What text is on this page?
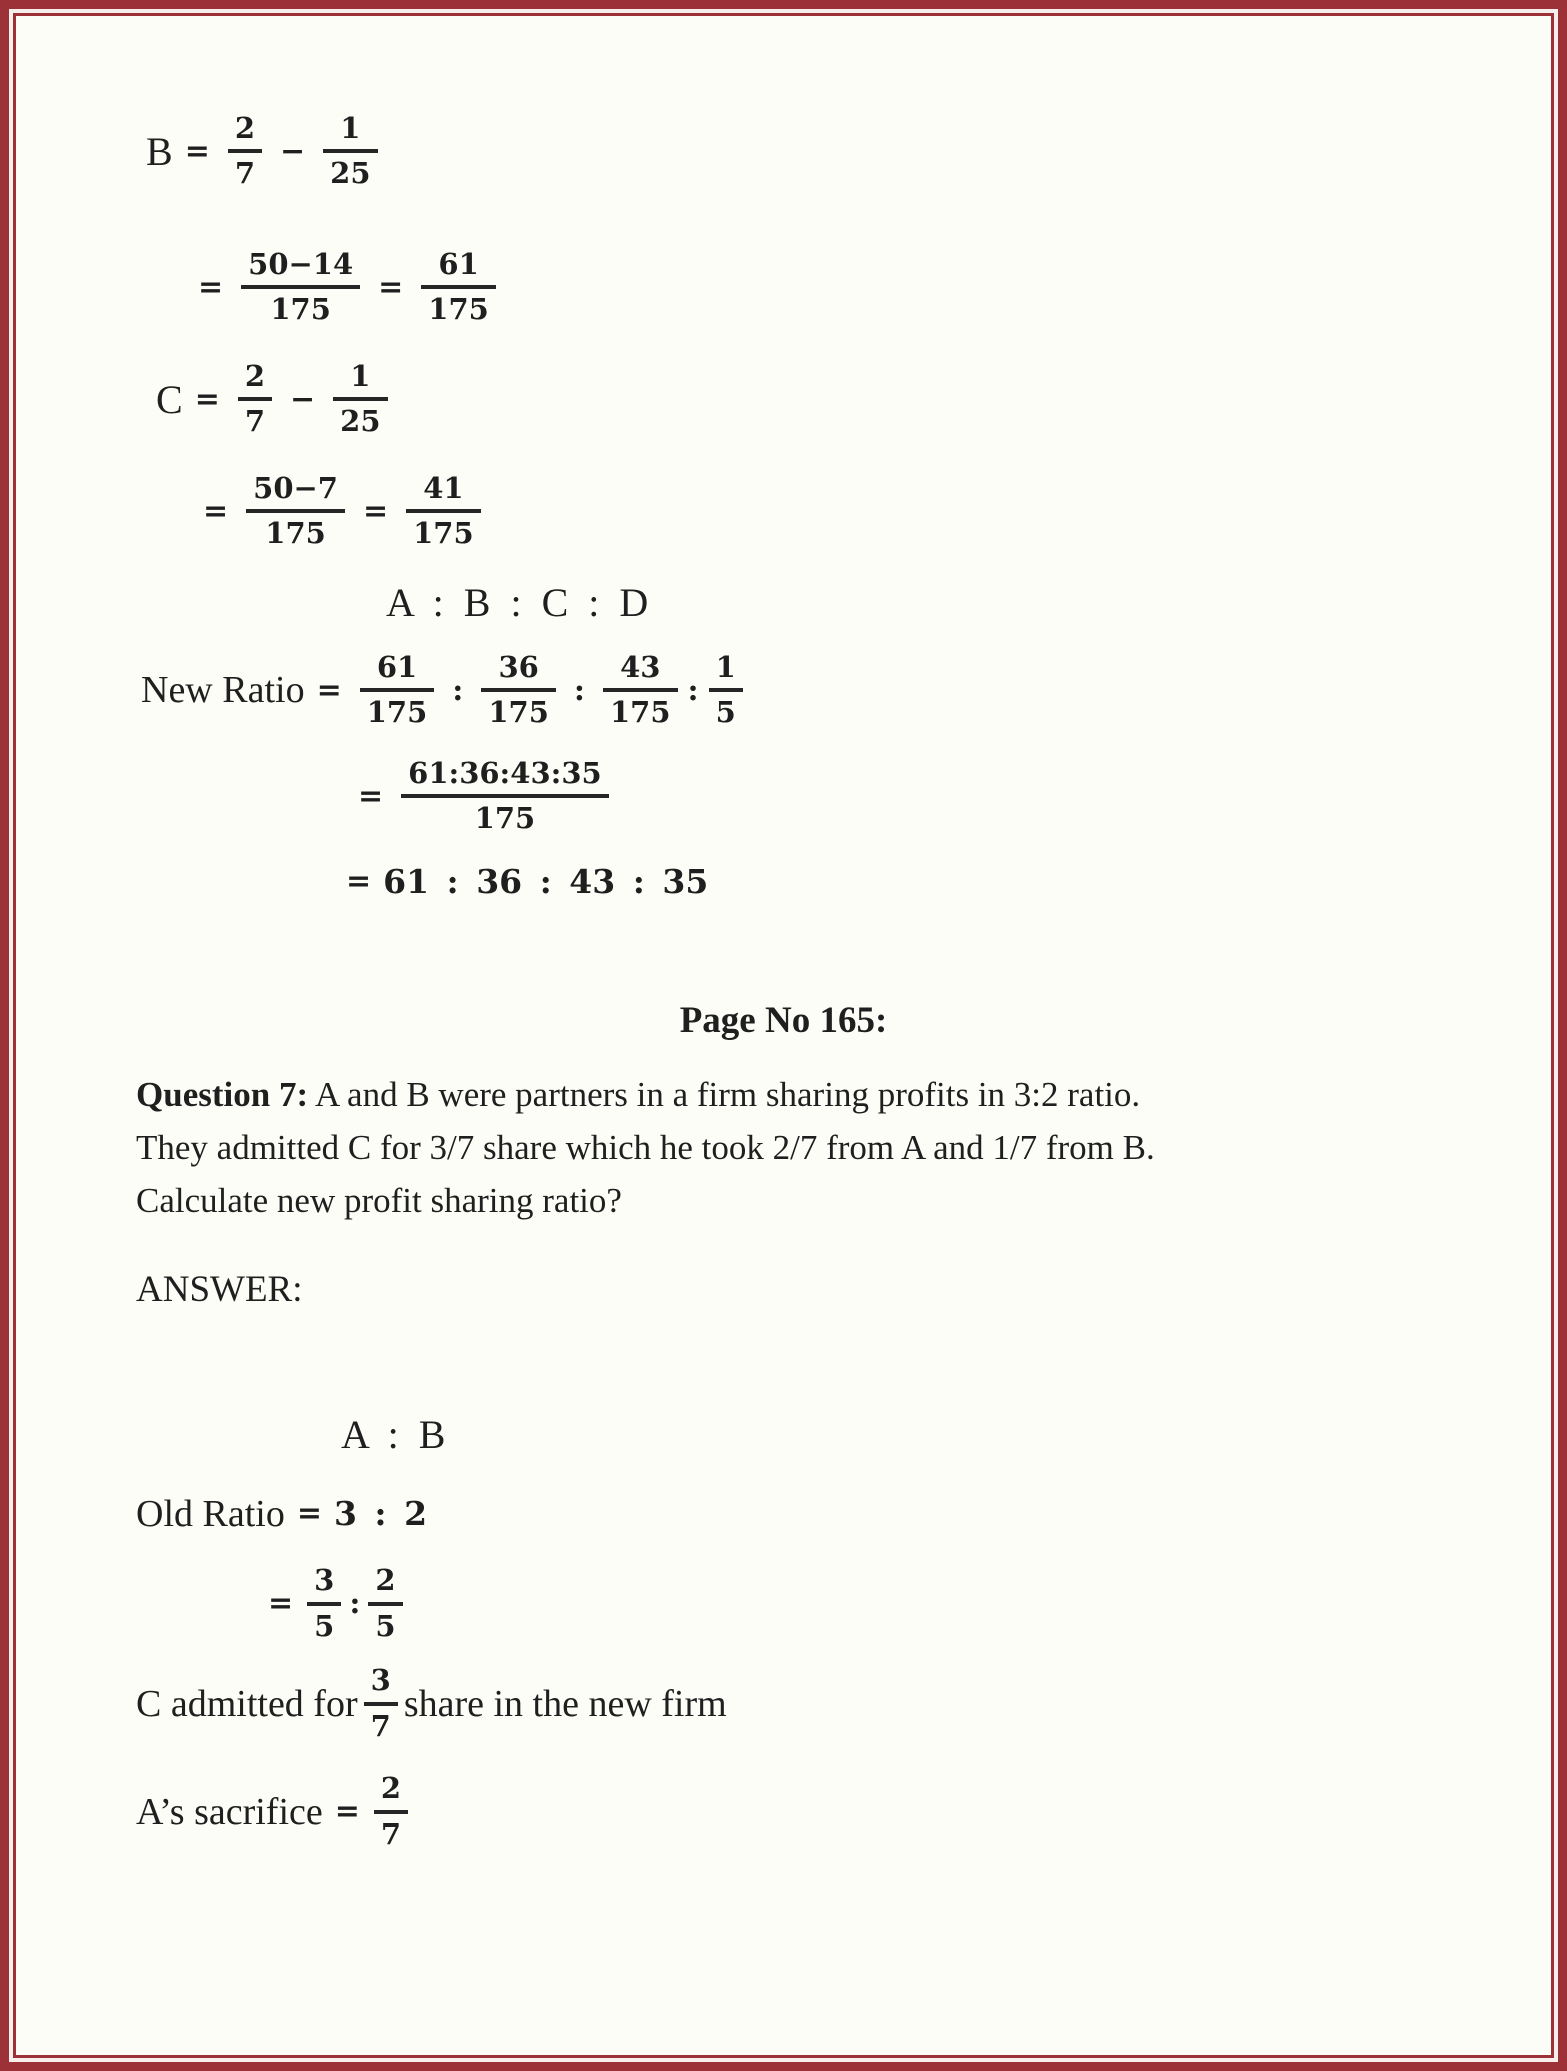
$B = \frac{2}{7} - \frac{1}{25}$
= $\frac{50-14}{175} = \frac{61}{175}$
$C = \frac{2}{7} - \frac{1}{25}$
= $\frac{50-7}{175} = \frac{41}{175}$
A : B : C : D
New Ratio = $\frac{61}{175}$ : $\frac{36}{175}$ : $\frac{43}{175}$ : $\frac{1}{5}$
= $\frac{61:36:43:35}{175}$
= 61 : 36 : 43 : 35
Page No 165:
Question 7: A and B were partners in a firm sharing profits in 3:2 ratio.
They admitted C for 3/7 share which he took 2/7 from A and 1/7 from B.
Calculate new profit sharing ratio?
ANSWER:
A : B
Old Ratio = 3 : 2
= $\frac{3}{5}$ : $\frac{2}{5}$
C admitted for $\frac{3}{7}$ share in the new firm
A’s sacrifice = $\frac{2}{7}$
